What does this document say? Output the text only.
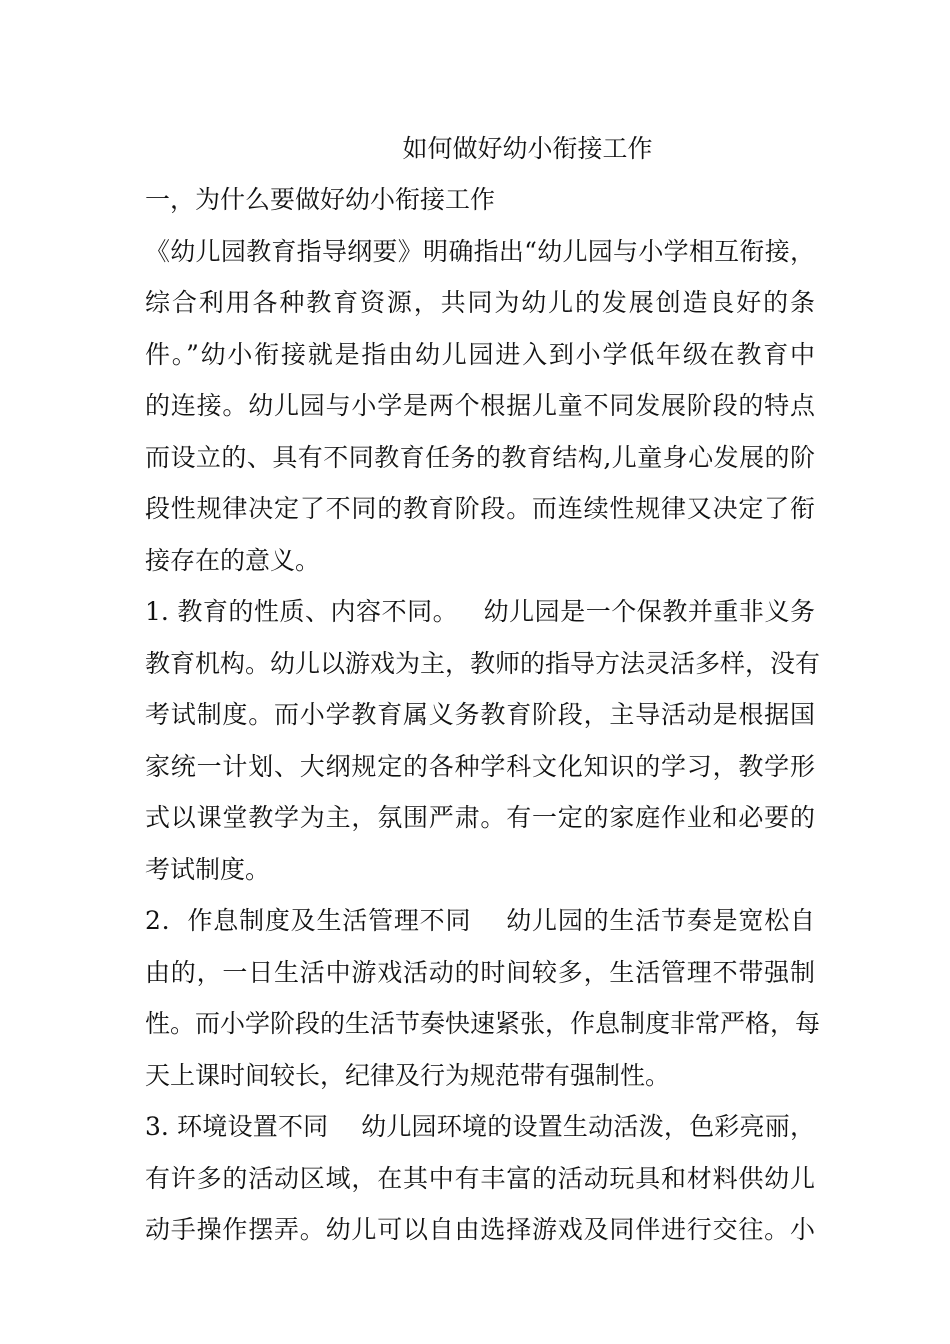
如何做好幼小衔接工作
一，为什么要做好幼小衔接工作
《幼儿园教育指导纲要》明确指出“幼儿园与小学相互衔接，
综合利用各种教育资源，共同为幼儿的发展创造良好的条
件。”幼小衔接就是指由幼儿园进入到小学低年级在教育中
的连接。幼儿园与小学是两个根据儿童不同发展阶段的特点
而设立的、具有不同教育任务的教育结构,儿童身心发展的阶
段性规律决定了不同的教育阶段。而连续性规律又决定了衔
接存在的意义。
1. 教育的性质、内容不同。   幼儿园是一个保教并重非义务
教育机构。幼儿以游戏为主，教师的指导方法灵活多样，没有
考试制度。而小学教育属义务教育阶段，主导活动是根据国
家统一计划、大纲规定的各种学科文化知识的学习，教学形
式以课堂教学为主，氛围严肃。有一定的家庭作业和必要的
考试制度。
2．作息制度及生活管理不同    幼儿园的生活节奏是宽松自
由的，一日生活中游戏活动的时间较多，生活管理不带强制
性。而小学阶段的生活节奏快速紧张，作息制度非常严格，每
天上课时间较长，纪律及行为规范带有强制性。
3. 环境设置不同    幼儿园环境的设置生动活泼，色彩亮丽，
有许多的活动区域，在其中有丰富的活动玩具和材料供幼儿
动手操作摆弄。幼儿可以自由选择游戏及同伴进行交往。小
